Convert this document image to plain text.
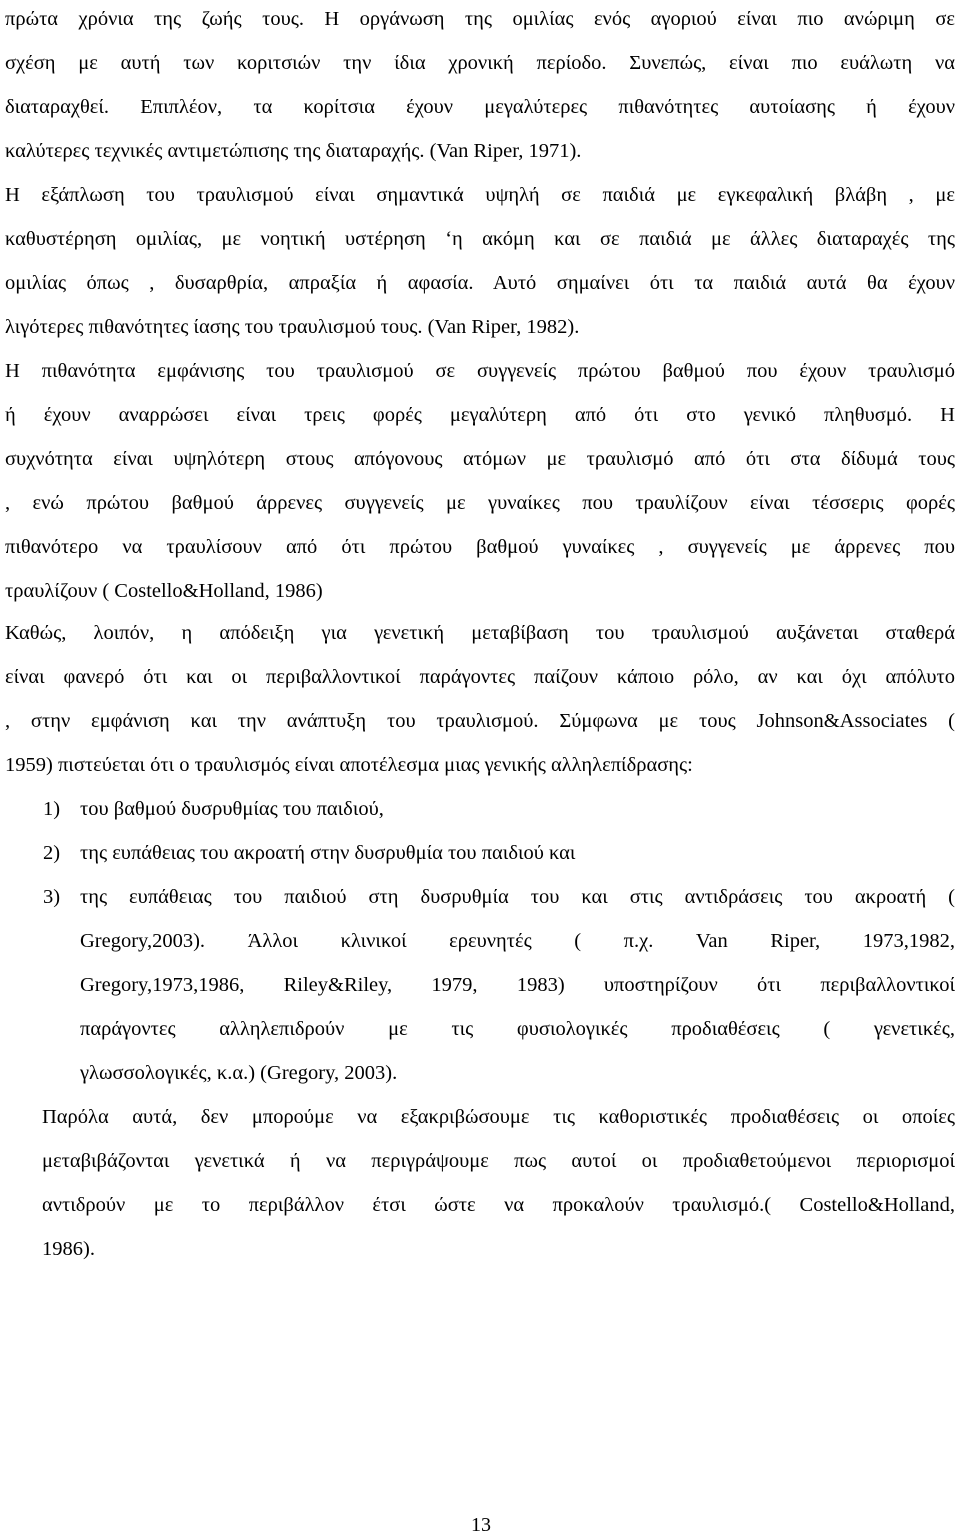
πρώτα χρόνια της ζωής τους. Η οργάνωση της ομιλίας ενός αγοριού είναι πιο ανώριμη σε
σχέση με αυτή των κοριτσιών την ίδια χρονική περίοδο. Συνεπώς, είναι πιο ευάλωτη να
διαταραχθεί. Επιπλέον, τα κορίτσια έχουν μεγαλύτερες πιθανότητες αυτοίασης ή έχουν
καλύτερες τεχνικές αντιμετώπισης της διαταραχής. (Van Riper, 1971).
Η εξάπλωση του τραυλισμού είναι σημαντικά υψηλή σε παιδιά με εγκεφαλική βλάβη , με
καθυστέρηση ομιλίας, με νοητική υστέρηση ‘η ακόμη και σε παιδιά με άλλες διαταραχές της
ομιλίας όπως , δυσαρθρία, απραξία ή αφασία. Αυτό σημαίνει ότι τα παιδιά αυτά θα έχουν
λιγότερες πιθανότητες ίασης του τραυλισμού τους. (Van Riper, 1982).
Η πιθανότητα εμφάνισης του τραυλισμού σε συγγενείς πρώτου βαθμού που έχουν τραυλισμό
ή έχουν αναρρώσει είναι τρεις φορές μεγαλύτερη από ότι στο γενικό πληθυσμό. Η
συχνότητα είναι υψηλότερη στους απόγονους ατόμων με τραυλισμό από ότι στα δίδυμά τους
, ενώ πρώτου βαθμού άρρενες συγγενείς με γυναίκες που τραυλίζουν είναι τέσσερις φορές
πιθανότερο να τραυλίσουν από ότι πρώτου βαθμού γυναίκες , συγγενείς με άρρενες που
τραυλίζουν ( Costello&Holland, 1986)
Καθώς, λοιπόν, η απόδειξη για γενετική μεταβίβαση του τραυλισμού αυξάνεται σταθερά
είναι φανερό ότι και οι περιβαλλοντικοί παράγοντες παίζουν κάποιο ρόλο, αν και όχι απόλυτο
, στην εμφάνιση και την ανάπτυξη του τραυλισμού. Σύμφωνα με τους Johnson&Associates (
1959) πιστεύεται ότι ο τραυλισμός είναι αποτέλεσμα μιας γενικής αλληλεπίδρασης:
1) του βαθμού δυσρυθμίας του παιδιού,
2) της ευπάθειας του ακροατή στην δυσρυθμία του παιδιού και
3) της ευπάθειας του παιδιού στη δυσρυθμία του και στις αντιδράσεις του ακροατή (
Gregory,2003). Άλλοι κλινικοί ερευνητές ( π.χ. Van Riper, 1973,1982,
Gregory,1973,1986, Riley&Riley, 1979, 1983) υποστηρίζουν ότι περιβαλλοντικοί
παράγοντες αλληλεπιδρούν με τις φυσιολογικές προδιαθέσεις ( γενετικές,
γλωσσολογικές, κ.α.) (Gregory, 2003).
Παρόλα αυτά, δεν μπορούμε να εξακριβώσουμε τις καθοριστικές προδιαθέσεις οι οποίες
μεταβιβάζονται γενετικά ή να περιγράψουμε πως αυτοί οι προδιαθετούμενοι περιορισμοί
αντιδρούν με το περιβάλλον έτσι ώστε να προκαλούν τραυλισμό.( Costello&Holland,
1986).
13
